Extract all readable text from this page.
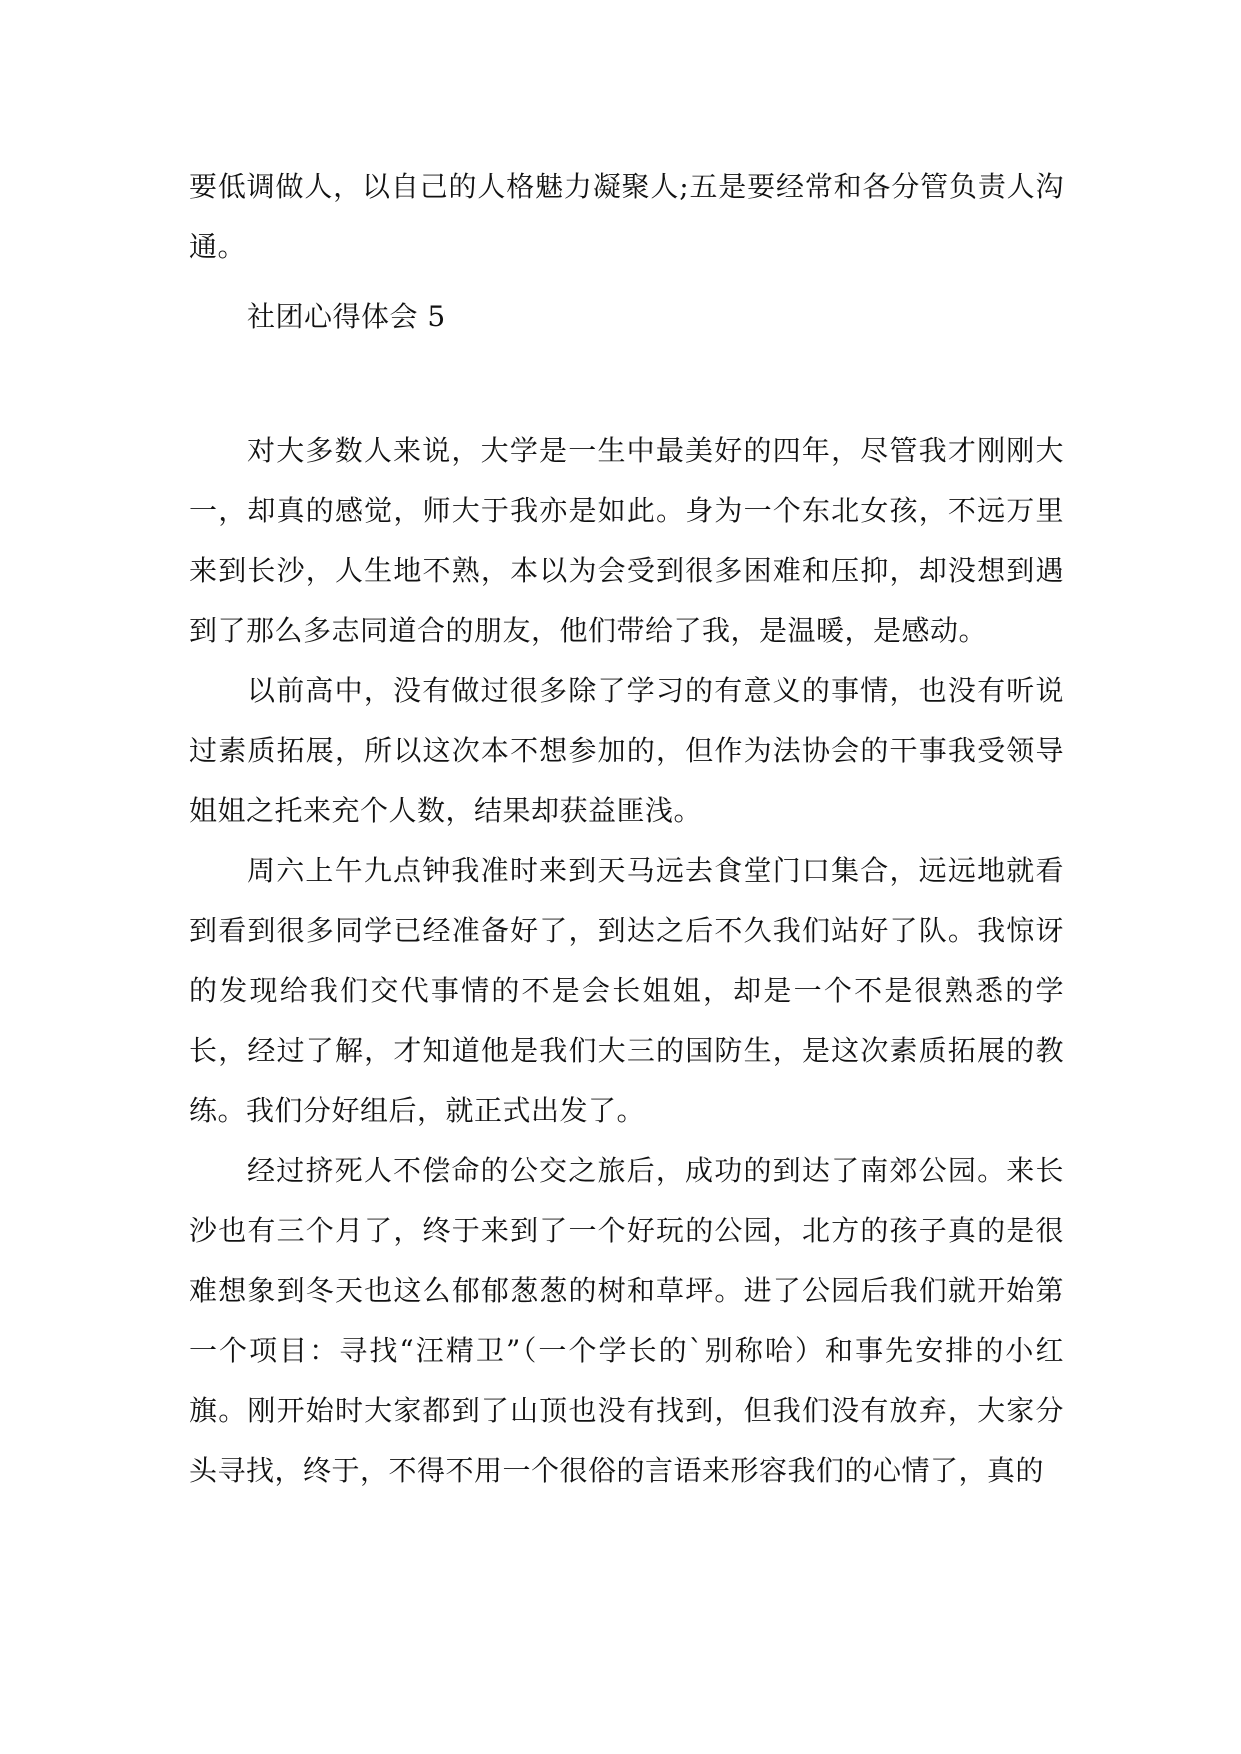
要低调做人，以自己的人格魅力凝聚人;五是要经常和各分管负责人沟通。

社团心得体会 5

对大多数人来说，大学是一生中最美好的四年，尽管我才刚刚大一，却真的感觉，师大于我亦是如此。身为一个东北女孩，不远万里来到长沙，人生地不熟，本以为会受到很多困难和压抑，却没想到遇到了那么多志同道合的朋友，他们带给了我，是温暖，是感动。

以前高中，没有做过很多除了学习的有意义的事情，也没有听说过素质拓展，所以这次本不想参加的，但作为法协会的干事我受领导姐姐之托来充个人数，结果却获益匪浅。

周六上午九点钟我准时来到天马远去食堂门口集合，远远地就看到看到很多同学已经准备好了，到达之后不久我们站好了队。我惊讶的发现给我们交代事情的不是会长姐姐，却是一个不是很熟悉的学长，经过了解，才知道他是我们大三的国防生，是这次素质拓展的教练。我们分好组后，就正式出发了。

经过挤死人不偿命的公交之旅后，成功的到达了南郊公园。来长沙也有三个月了，终于来到了一个好玩的公园，北方的孩子真的是很难想象到冬天也这么郁郁葱葱的树和草坪。进了公园后我们就开始第一个项目：寻找“汪精卫”（一个学长的`别称哈）和事先安排的小红旗。刚开始时大家都到了山顶也没有找到，但我们没有放弃，大家分头寻找，终于，不得不用一个很俗的言语来形容我们的心情了，真的
